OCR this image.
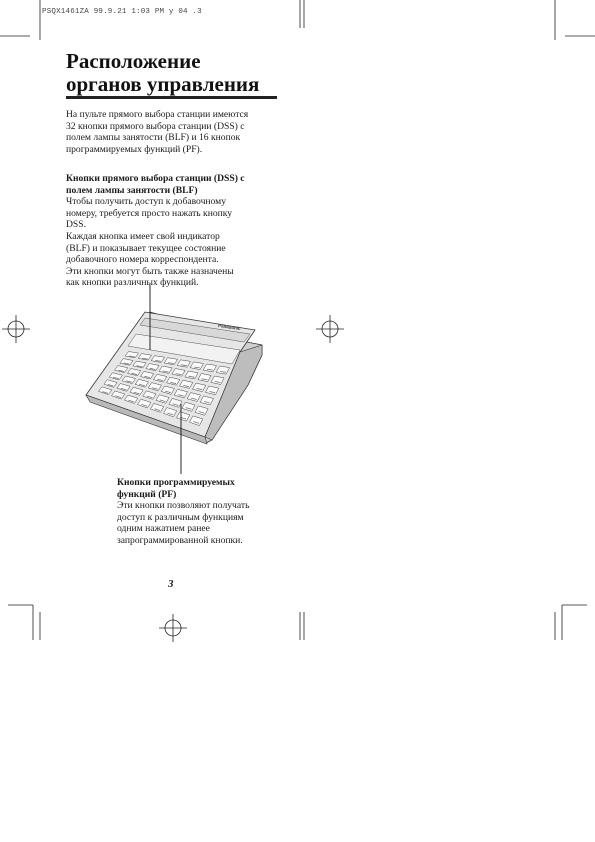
PSQX1461ZA 99.9.21 1:03 PM у 04 .3
Расположение
органов управления
На пульте прямого выбора станции имеются
32 кнопки прямого выбора станции (DSS) с
полем лампы занятости (BLF) и 16 кнопок
программируемых функций (PF).
Кнопки прямого выбора станции (DSS) с
полем лампы занятости (BLF)
Чтобы получить доступ к добавочному
номеру, требуется просто нажать кнопку
DSS.
Каждая кнопка имеет свой индикатор
(BLF) и показывает текущее состояние
добавочного номера корреспондента.
Эти кнопки могут быть также назначены
как кнопки различных функций.
Panasonic
Кнопки программируемых
функций (PF)
Эти кнопки позволяют получать
доступ к различным функциям
одним нажатием ранее
запрограммированной кнопки.
3
